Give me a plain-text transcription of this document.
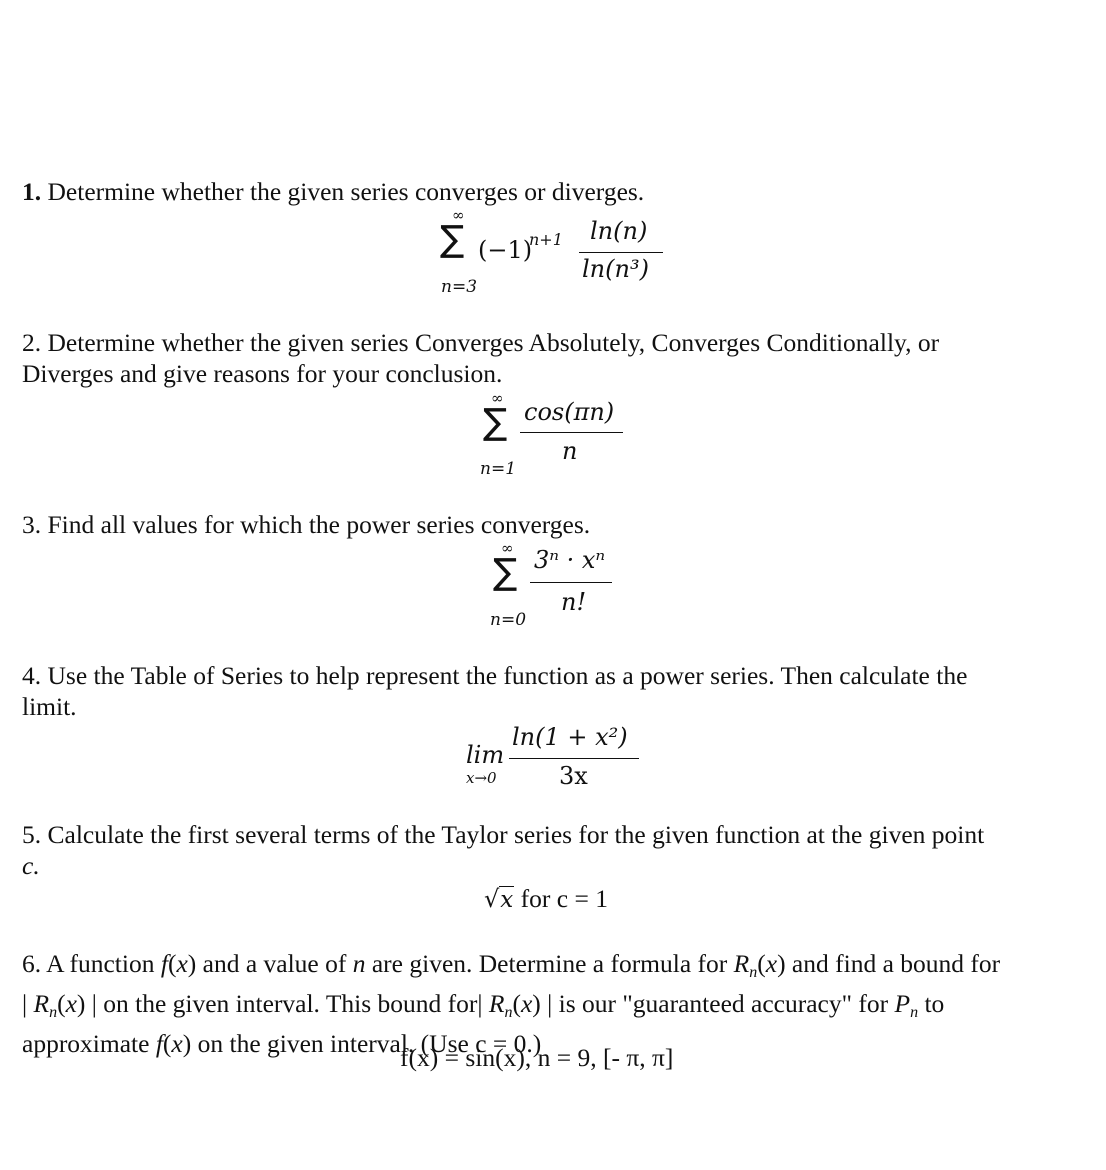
1. Determine whether the given series converges or diverges.
∞
∑
n=3
(−1)
n+1 ln(n)
ln(n³)
2. Determine whether the given series Converges Absolutely, Converges Conditionally, or
Diverges and give reasons for your conclusion.
∞
∑
n=1
cos(πn)
n
3. Find all values for which the power series converges.
∞
∑
n=0
3ⁿ · xⁿ
n!
4. Use the Table of Series to help represent the function as a power series. Then calculate the
limit.
lim
x→0
ln(1 + x²)
3x
5. Calculate the first several terms of the Taylor series for the given function at the given point
c.
√x for c = 1
6. A function f(x) and a value of n are given. Determine a formula for $R_n(x)$ and find a bound for
| $R_n(x)$ | on the given interval. This bound for| $R_n(x)$ | is our "guaranteed accuracy" for $P_n$ to
approximate f(x) on the given interval. (Use c = 0.)
f(x) = sin(x), n = 9, [- π, π]
